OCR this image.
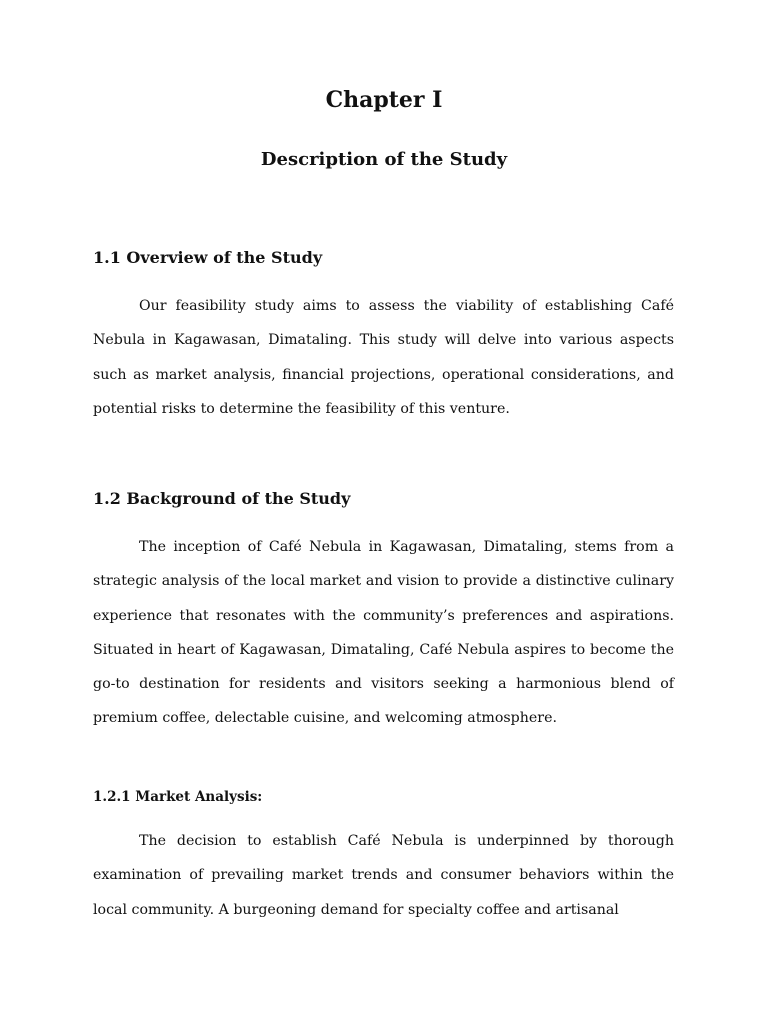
Chapter I
Description of the Study
1.1 Overview of the Study

Our feasibility study aims to assess the viability of establishing Café Nebula in Kagawasan, Dimataling. This study will delve into various aspects such as market analysis, financial projections, operational considerations, and potential risks to determine the feasibility of this venture.

1.2 Background of the Study

The inception of Café Nebula in Kagawasan, Dimataling, stems from a strategic analysis of the local market and vision to provide a distinctive culinary experience that resonates with the community’s preferences and aspirations. Situated in heart of Kagawasan, Dimataling, Café Nebula aspires to become the go-to destination for residents and visitors seeking a harmonious blend of premium coffee, delectable cuisine, and welcoming atmosphere.

1.2.1 Market Analysis:

The decision to establish Café Nebula is underpinned by thorough examination of prevailing market trends and consumer behaviors within the local community. A burgeoning demand for specialty coffee and artisanal
